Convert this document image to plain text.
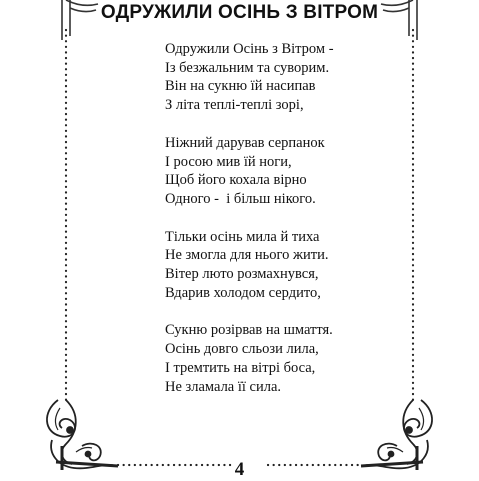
ОДРУЖИЛИ ОСІНЬ З ВІТРОМ
Одружили Осінь з Вітром -
Із безжальним та суворим.
Він на сукню їй насипав
З літа теплі-теплі зорі,
Ніжний дарував серпанок
І росою мив їй ноги,
Щоб його кохала вірно
Одного -  і більш нікого.
Тільки осінь мила й тиха
Не змогла для нього жити.
Вітер люто розмахнувся,
Вдарив холодом сердито,
Сукню розірвав на шмаття.
Осінь довго сльози лила,
І тремтить на вітрі боса,
Не зламала її сила.
4
